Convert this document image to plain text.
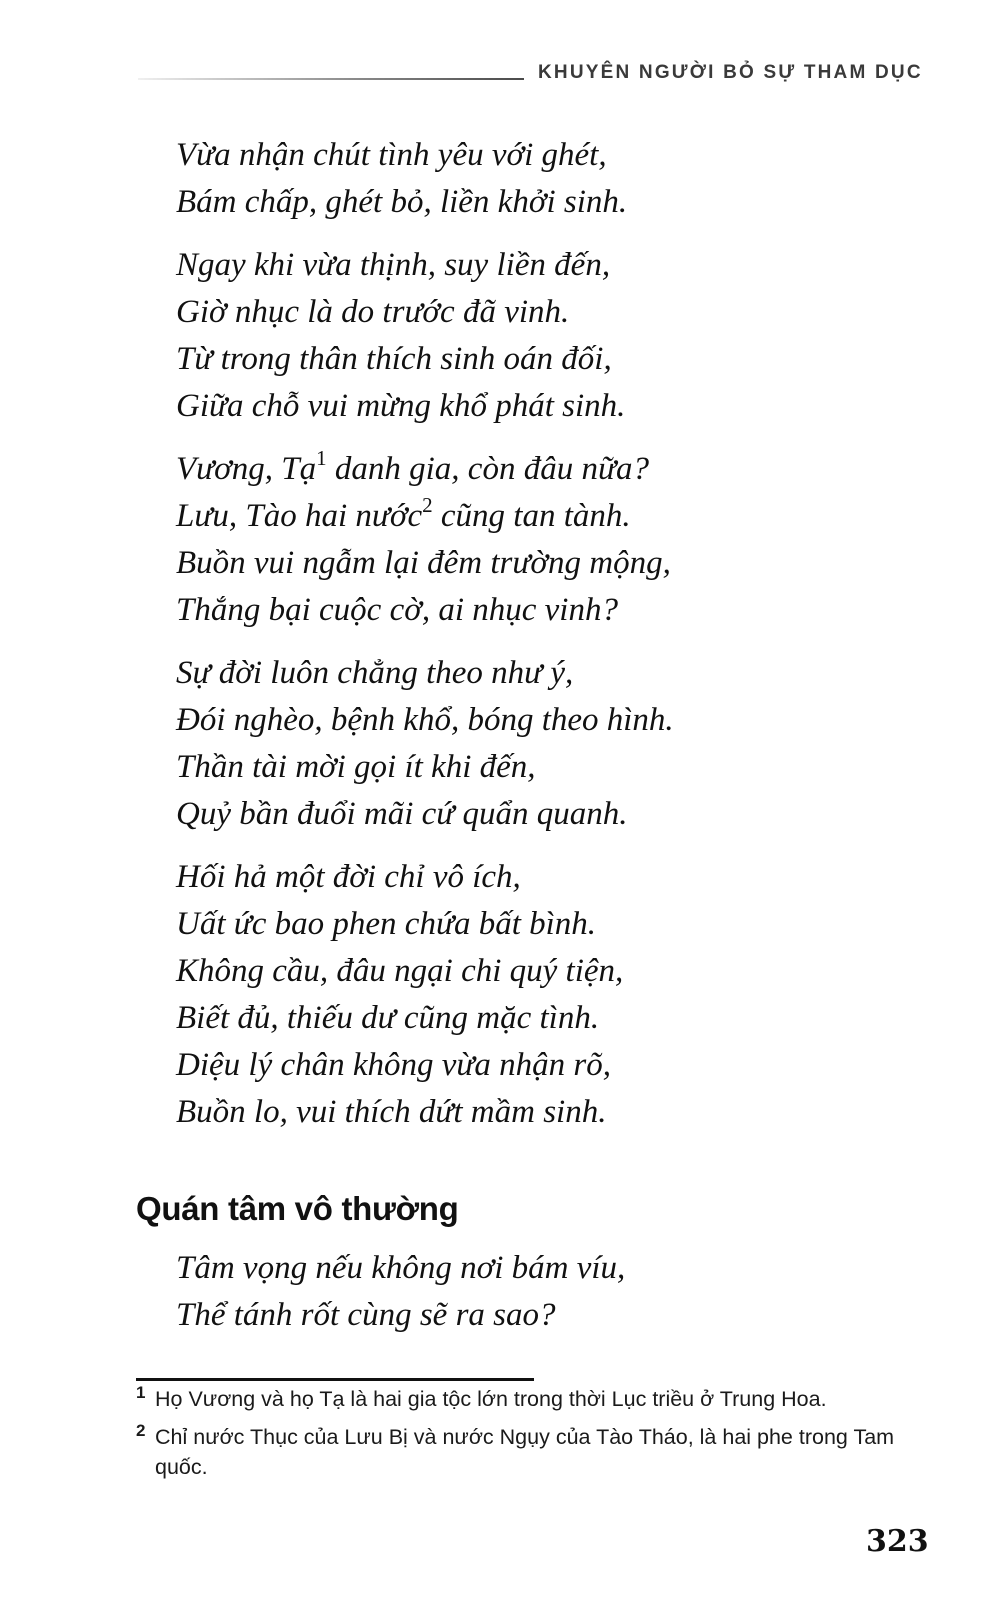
KHUYÊN NGƯỜI BỎ SỰ THAM DỤC
Vừa nhận chút tình yêu với ghét,
Bám chấp, ghét bỏ, liền khởi sinh.
Ngay khi vừa thịnh, suy liền đến,
Giờ nhục là do trước đã vinh.
Từ trong thân thích sinh oán đối,
Giữa chỗ vui mừng khổ phát sinh.
Vương, Tạ$^1$ danh gia, còn đâu nữa?
Lưu, Tào hai nước$^2$ cũng tan tành.
Buồn vui ngẫm lại đêm trường mộng,
Thắng bại cuộc cờ, ai nhục vinh?
Sự đời luôn chẳng theo như ý,
Đói nghèo, bệnh khổ, bóng theo hình.
Thần tài mời gọi ít khi đến,
Quỷ bần đuổi mãi cứ quẩn quanh.
Hối hả một đời chỉ vô ích,
Uất ức bao phen chứa bất bình.
Không cầu, đâu ngại chi quý tiện,
Biết đủ, thiếu dư cũng mặc tình.
Diệu lý chân không vừa nhận rõ,
Buồn lo, vui thích dứt mầm sinh.
Quán tâm vô thường
Tâm vọng nếu không nơi bám víu,
Thể tánh rốt cùng sẽ ra sao?
1 Họ Vương và họ Tạ là hai gia tộc lớn trong thời Lục triều ở Trung Hoa.
2 Chỉ nước Thục của Lưu Bị và nước Ngụy của Tào Tháo, là hai phe trong Tam quốc.
323
